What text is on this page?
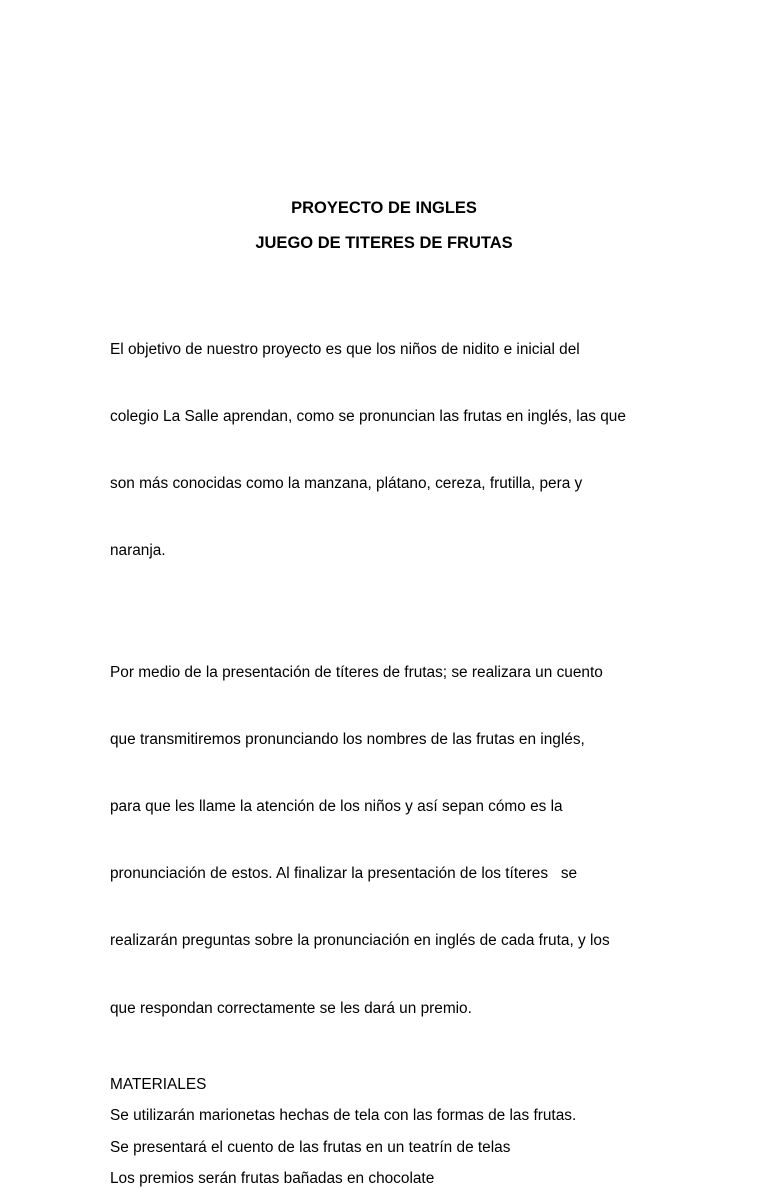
PROYECTO DE INGLES
JUEGO DE TITERES DE FRUTAS

El objetivo de nuestro proyecto es que los niños de nidito e inicial del

colegio La Salle aprendan, como se pronuncian las frutas en inglés, las que

son más conocidas como la manzana, plátano, cereza, frutilla, pera y

naranja.

Por medio de la presentación de títeres de frutas; se realizara un cuento

que transmitiremos pronunciando los nombres de las frutas en inglés,

para que les llame la atención de los niños y así sepan cómo es la

pronunciación de estos. Al finalizar la presentación de los títeres   se

realizarán preguntas sobre la pronunciación en inglés de cada fruta, y los

que respondan correctamente se les dará un premio.

MATERIALES

Se utilizarán marionetas hechas de tela con las formas de las frutas.

Se presentará el cuento de las frutas en un teatrín de telas

Los premios serán frutas bañadas en chocolate
